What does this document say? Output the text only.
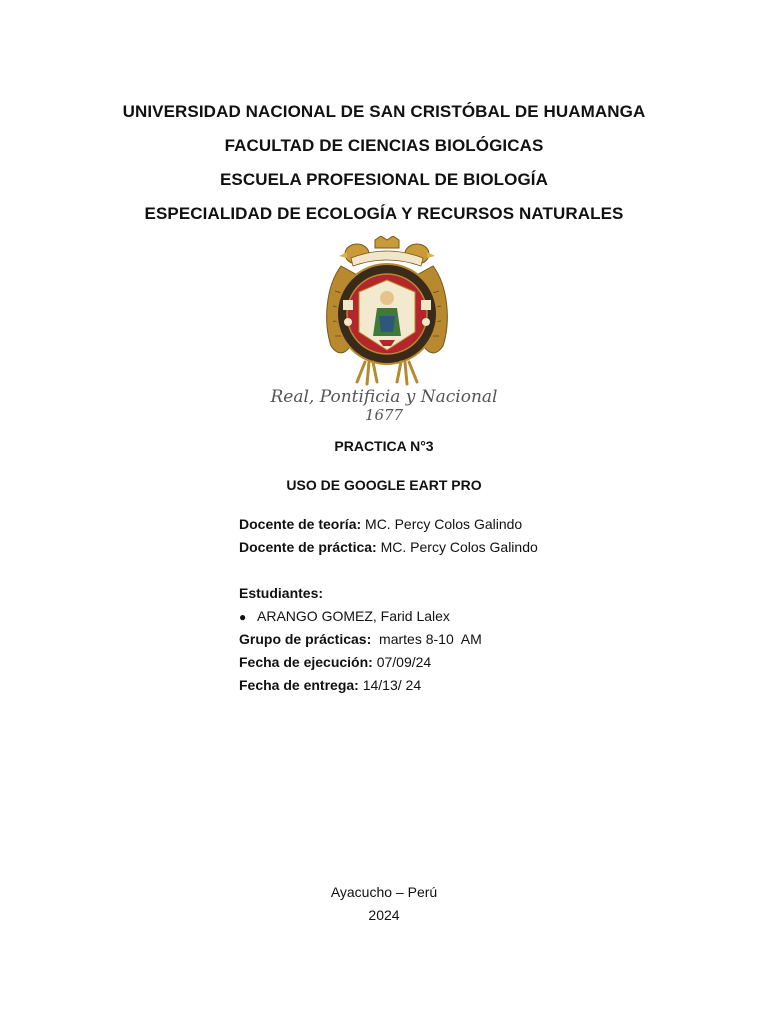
UNIVERSIDAD NACIONAL DE SAN CRISTÓBAL DE HUAMANGA

FACULTAD DE CIENCIAS BIOLÓGICAS

ESCUELA PROFESIONAL DE BIOLOGÍA

ESPECIALIDAD DE ECOLOGÍA Y RECURSOS NATURALES

Real, Pontificia y Nacional
1677
PRACTICA N°3
USO DE GOOGLE EART PRO
Docente de teoría: MC. Percy Colos Galindo
Docente de práctica: MC. Percy Colos Galindo
Estudiantes:
● ARANGO GOMEZ, Farid Lalex
Grupo de prácticas:  martes 8-10  AM
Fecha de ejecución: 07/09/24
Fecha de entrega: 14/13/ 24
Ayacucho – Perú
2024
